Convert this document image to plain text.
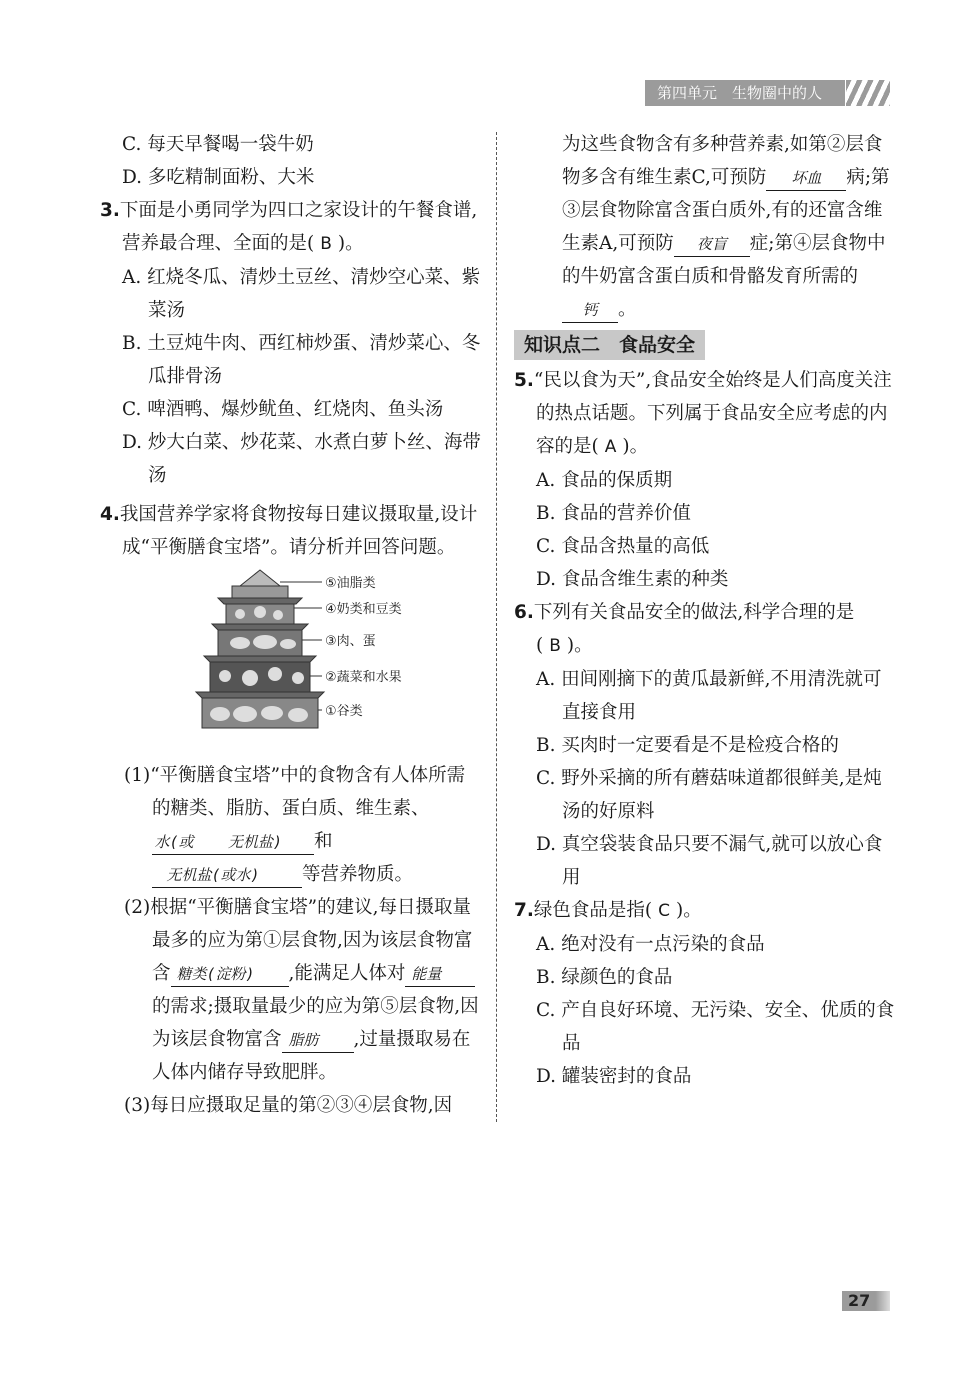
第四单元　生物圈中的人

C. 每天早餐喝一袋牛奶

D. 多吃精制面粉、大米

3.下面是小勇同学为四口之家设计的午餐食谱,营养最合理、全面的是( B )。

A. 红烧冬瓜、清炒土豆丝、清炒空心菜、紫菜汤

B. 土豆炖牛肉、西红柿炒蛋、清炒菜心、冬瓜排骨汤

C. 啤酒鸭、爆炒鱿鱼、红烧肉、鱼头汤

D. 炒大白菜、炒花菜、水煮白萝卜丝、海带汤

4.我国营养学家将食物按每日建议摄取量,设计成“平衡膳食宝塔”。请分析并回答问题。

⑤油脂类
④奶类和豆类
③肉、蛋
②蔬菜和水果
①谷类

(1)“平衡膳食宝塔”中的食物含有人体所需的糖类、脂肪、蛋白质、维生素、水(或 无机盐) 和无机盐(或水) 等营养物质。

(2)根据“平衡膳食宝塔”的建议,每日摄取量最多的应为第①层食物,因为该层食物富含 糖类(淀粉) ,能满足人体对 能量的需求;摄取量最少的应为第⑤层食物,因为该层食物富含 脂肪 ,过量摄取易在人体内储存导致肥胖。

(3)每日应摄取足量的第②③④层食物,因

为这些食物含有多种营养素,如第②层食物多含有维生素C,可预防 坏血 病;第③层食物除富含蛋白质外,有的还富含维生素A,可预防 夜盲 症;第④层食物中的牛奶富含蛋白质和骨骼发育所需的钙 。

知识点二　食品安全

5.“民以食为天”,食品安全始终是人们高度关注的热点话题。下列属于食品安全应考虑的内容的是( A )。

A. 食品的保质期

B. 食品的营养价值

C. 食品含热量的高低

D. 食品含维生素的种类

6.下列有关食品安全的做法,科学合理的是( B )。

A. 田间刚摘下的黄瓜最新鲜,不用清洗就可直接食用

B. 买肉时一定要看是不是检疫合格的

C. 野外采摘的所有蘑菇味道都很鲜美,是炖汤的好原料

D. 真空袋装食品只要不漏气,就可以放心食用

7.绿色食品是指( C )。

A. 绝对没有一点污染的食品

B. 绿颜色的食品

C. 产自良好环境、无污染、安全、优质的食品

D. 罐装密封的食品

27
